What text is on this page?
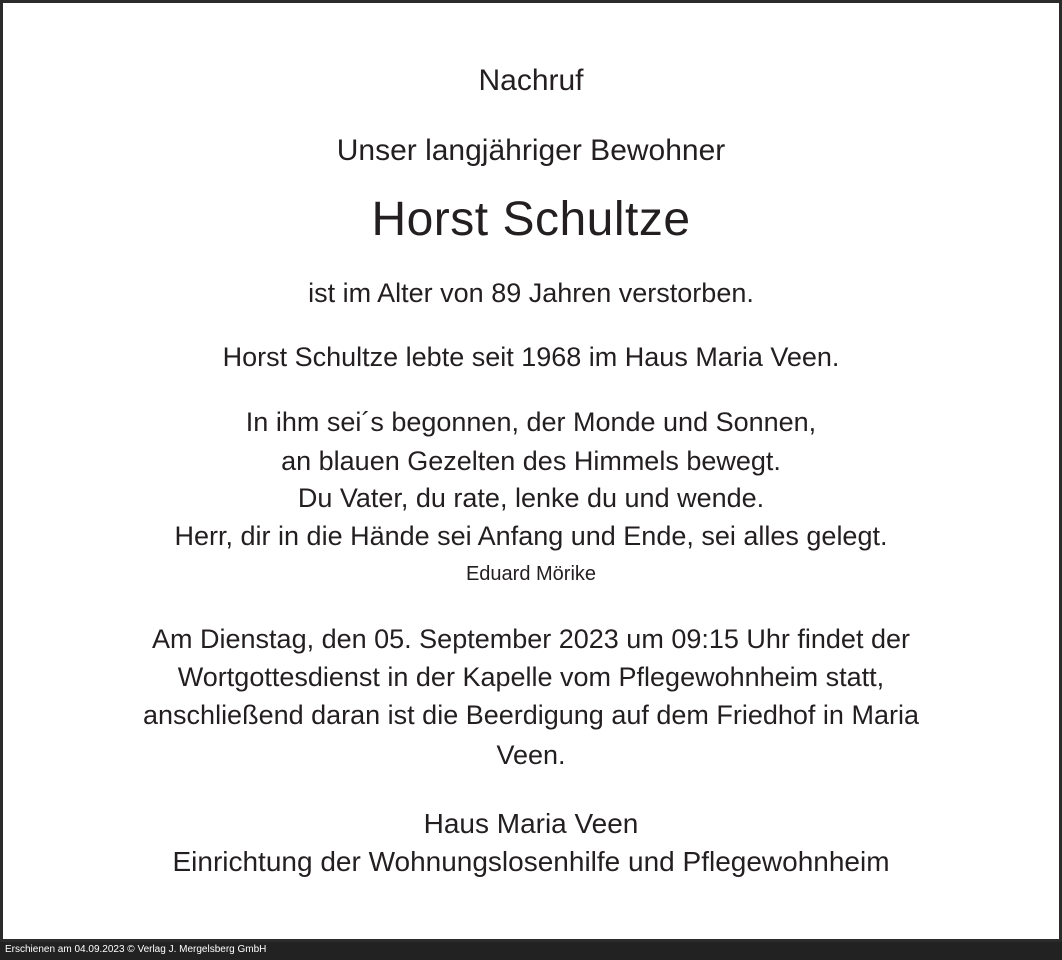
Nachruf
Unser langjähriger Bewohner
Horst Schultze
ist im Alter von 89 Jahren verstorben.
Horst Schultze lebte seit 1968 im Haus Maria Veen.
In ihm sei´s begonnen, der Monde und Sonnen,
an blauen Gezelten des Himmels bewegt.
Du Vater, du rate, lenke du und wende.
Herr, dir in die Hände sei Anfang und Ende, sei alles gelegt.
Eduard Mörike
Am Dienstag, den 05. September 2023 um 09:15 Uhr findet der
Wortgottesdienst in der Kapelle vom Pflegewohnheim statt,
anschließend daran ist die Beerdigung auf dem Friedhof in Maria
Veen.
Haus Maria Veen
Einrichtung der Wohnungslosenhilfe und Pflegewohnheim
Erschienen am 04.09.2023 © Verlag J. Mergelsberg GmbH
